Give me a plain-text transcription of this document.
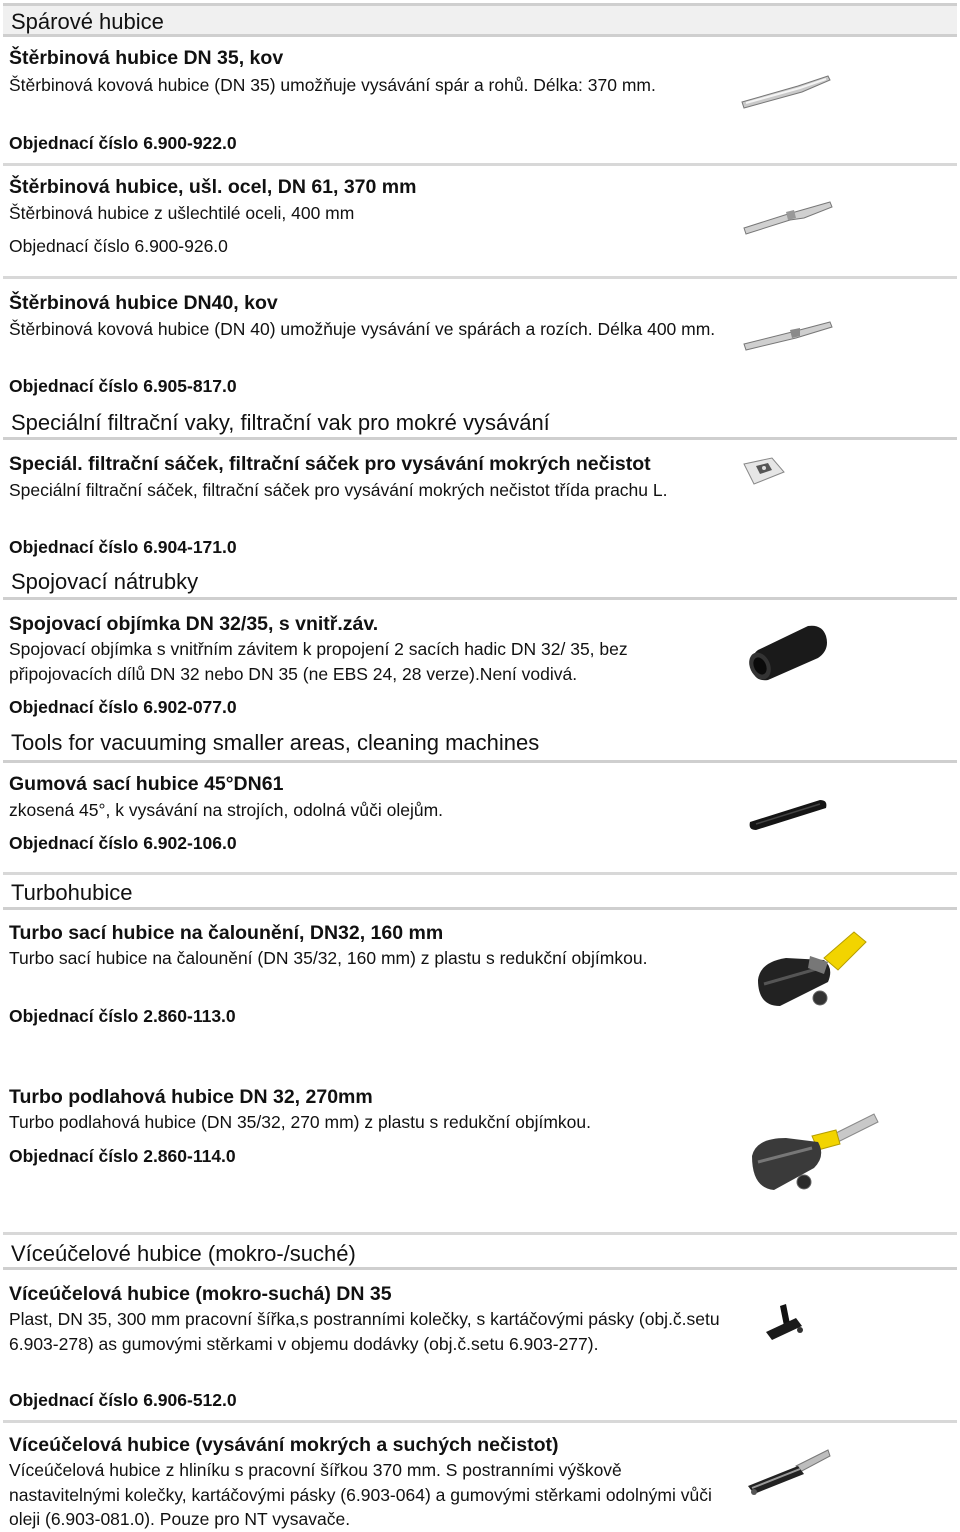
Spárové hubice
Štěrbinová hubice DN 35, kov
Štěrbinová kovová hubice (DN 35) umožňuje vysávání spár a rohů. Délka: 370 mm.
Objednací číslo 6.900-922.0
Štěrbinová hubice, ušl. ocel, DN 61, 370 mm
Štěrbinová hubice z ušlechtilé oceli, 400 mm
Objednací číslo 6.900-926.0
Štěrbinová hubice DN40, kov
Štěrbinová kovová hubice (DN 40) umožňuje vysávání ve spárách a rozích. Délka 400 mm.
Objednací číslo 6.905-817.0
Speciální filtrační vaky, filtrační vak pro mokré vysávání
Speciál. filtrační sáček, filtrační sáček pro vysávání mokrých nečistot
Speciální filtrační sáček, filtrační sáček pro vysávání mokrých nečistot třída prachu L.
Objednací číslo 6.904-171.0
Spojovací nátrubky
Spojovací objímka DN 32/35, s vnitř.záv.
Spojovací objímka s vnitřním závitem k propojení 2 sacích hadic DN 32/ 35, bez připojovacích dílů DN 32 nebo DN 35 (ne EBS 24, 28 verze).Není vodivá.
Objednací číslo 6.902-077.0
Tools for vacuuming smaller areas, cleaning machines
Gumová sací hubice 45°DN61
zkosená 45°, k vysávání na strojích, odolná vůči olejům.
Objednací číslo 6.902-106.0
Turbohubice
Turbo sací hubice na čalounění, DN32, 160 mm
Turbo sací hubice na čalounění (DN 35/32, 160 mm) z plastu s redukční objímkou.
Objednací číslo 2.860-113.0
Turbo podlahová hubice DN 32, 270mm
Turbo podlahová hubice (DN 35/32, 270 mm) z plastu s redukční objímkou.
Objednací číslo 2.860-114.0
Víceúčelové hubice (mokro-/suché)
Víceúčelová hubice (mokro-suchá) DN 35
Plast, DN 35, 300 mm pracovní šířka,s postranními kolečky, s kartáčovými pásky (obj.č.setu 6.903-278) as gumovými stěrkami v objemu dodávky (obj.č.setu 6.903-277).
Objednací číslo 6.906-512.0
Víceúčelová hubice (vysávání mokrých a suchých nečistot)
Víceúčelová hubice z hliníku s pracovní šířkou 370 mm. S postranními výškově nastavitelnými kolečky, kartáčovými pásky (6.903-064) a gumovými stěrkami odolnými vůči oleji (6.903-081.0). Pouze pro NT vysavače.
